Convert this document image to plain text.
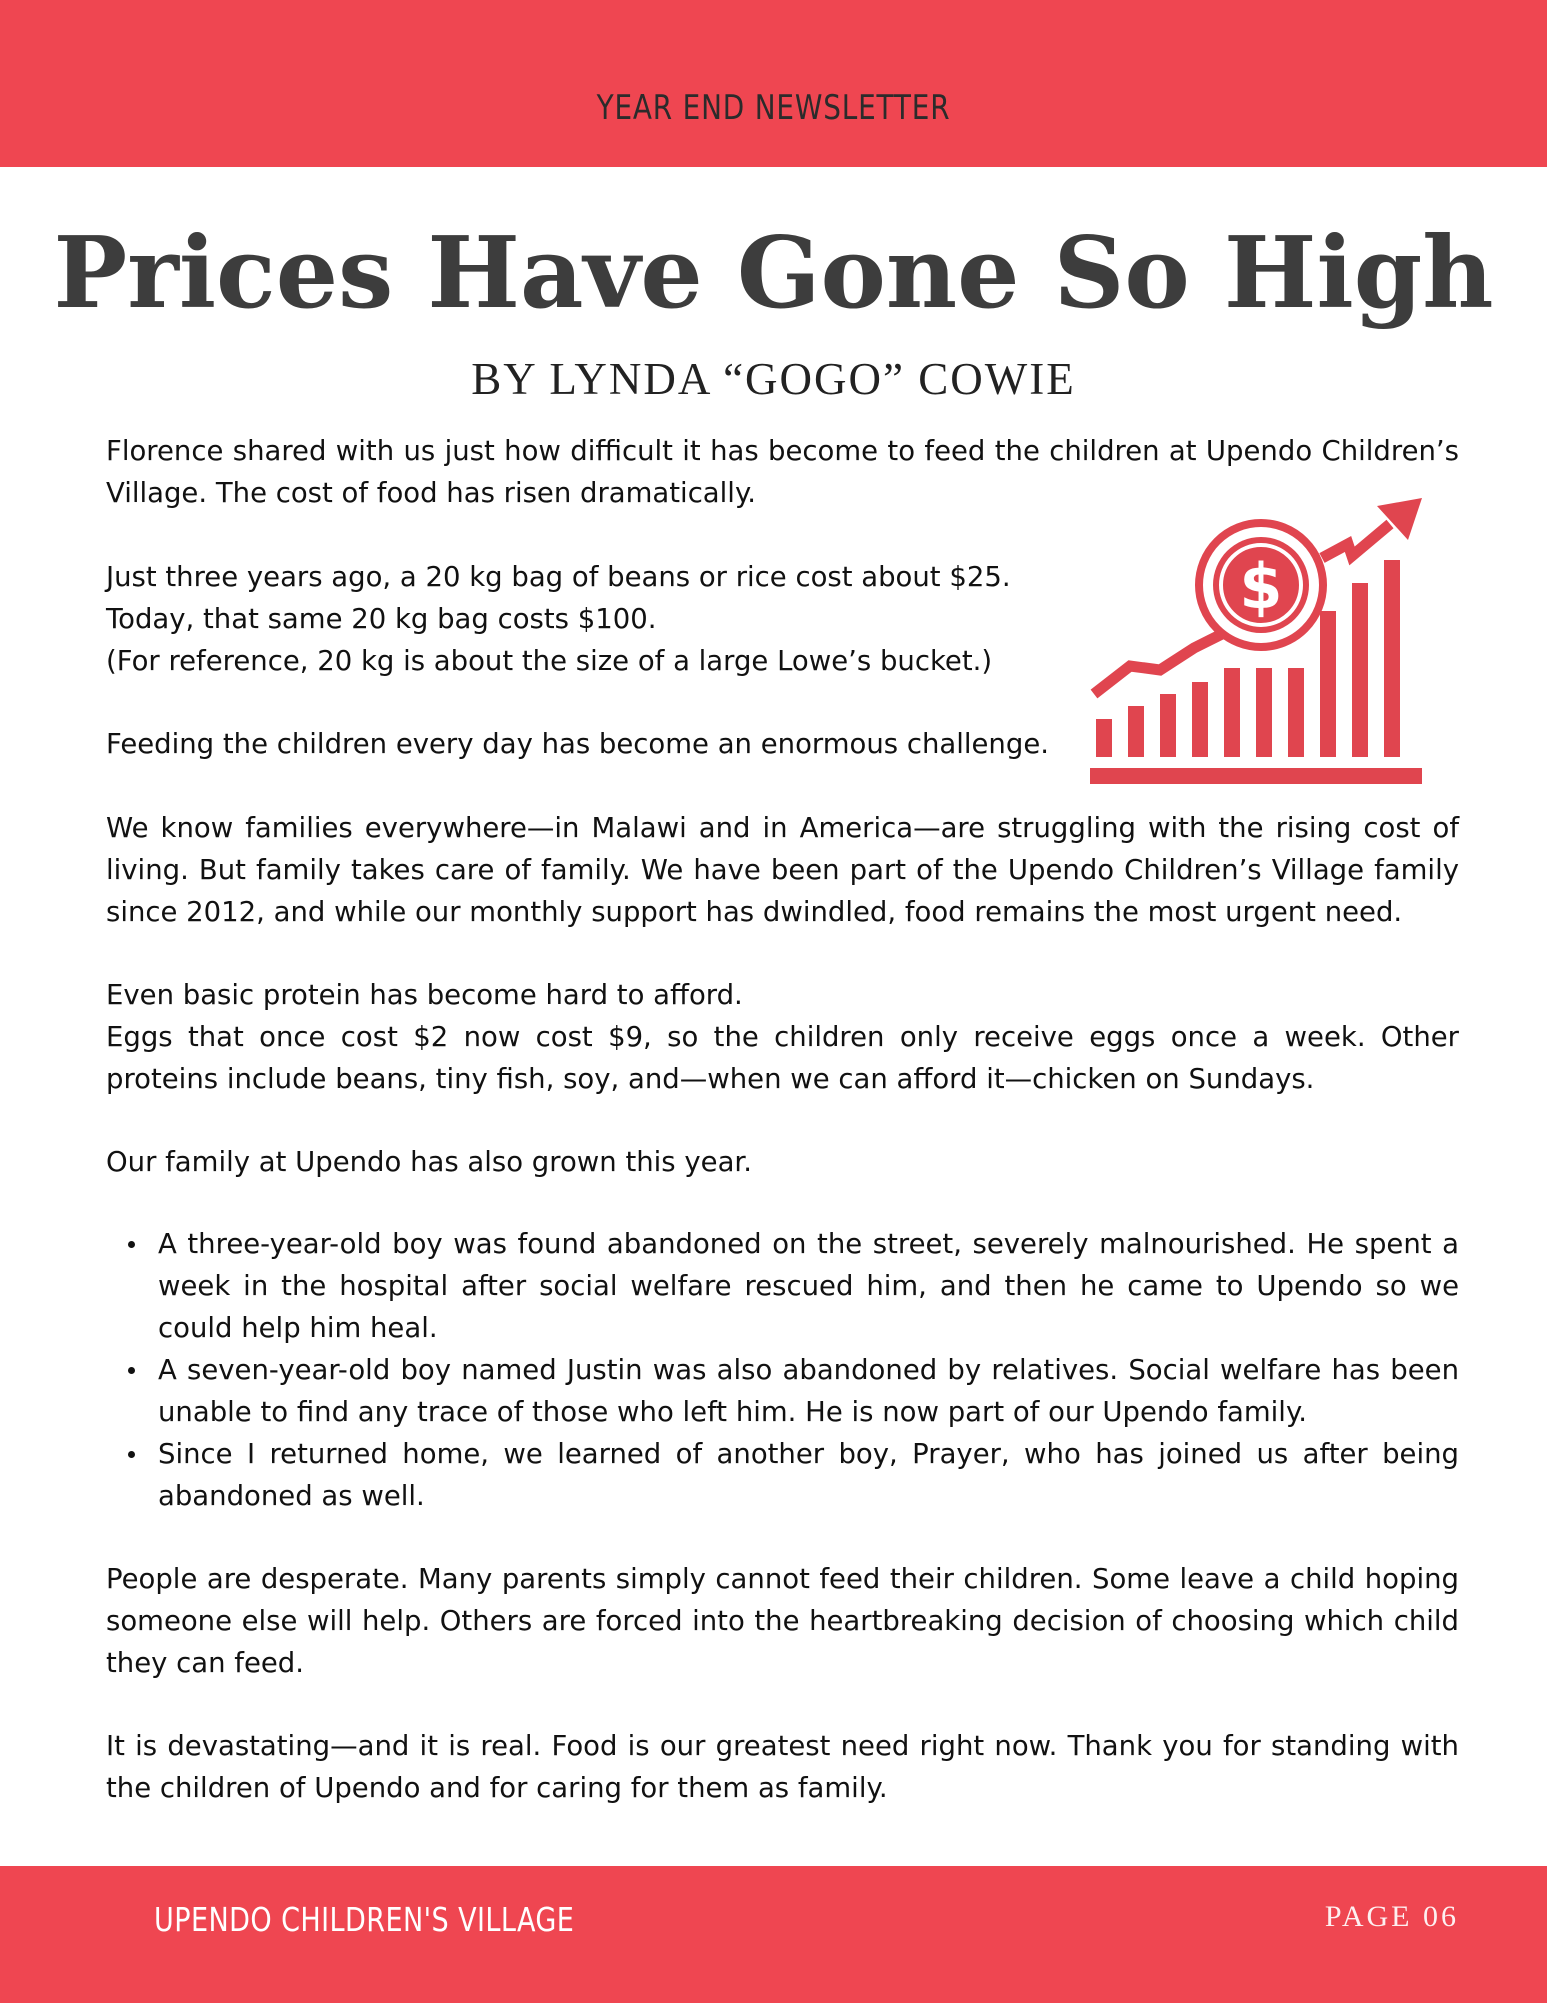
YEAR END NEWSLETTER
Prices Have Gone So High
BY LYNDA “GOGO” COWIE

Florence shared with us just how difficult it has become to feed the children at Upendo Children’s Village. The cost of food has risen dramatically.

Just three years ago, a 20 kg bag of beans or rice cost about $25.
Today, that same 20 kg bag costs $100.
(For reference, 20 kg is about the size of a large Lowe’s bucket.)

Feeding the children every day has become an enormous challenge.

We know families everywhere—in Malawi and in America—are struggling with the rising cost of living. But family takes care of family. We have been part of the Upendo Children’s Village family since 2012, and while our monthly support has dwindled, food remains the most urgent need.

Even basic protein has become hard to afford.

Eggs that once cost $2 now cost $9, so the children only receive eggs once a week. Other proteins include beans, tiny fish, soy, and—when we can afford it—chicken on Sundays.

Our family at Upendo has also grown this year.

A three-year-old boy was found abandoned on the street, severely malnourished. He spent a week in the hospital after social welfare rescued him, and then he came to Upendo so we could help him heal.
A seven-year-old boy named Justin was also abandoned by relatives. Social welfare has been unable to find any trace of those who left him. He is now part of our Upendo family.
Since I returned home, we learned of another boy, Prayer, who has joined us after being abandoned as well.

People are desperate. Many parents simply cannot feed their children. Some leave a child hoping someone else will help. Others are forced into the heartbreaking decision of choosing which child they can feed.

It is devastating—and it is real. Food is our greatest need right now. Thank you for standing with the children of Upendo and for caring for them as family.

$
UPENDO CHILDREN'S VILLAGE	PAGE 06
